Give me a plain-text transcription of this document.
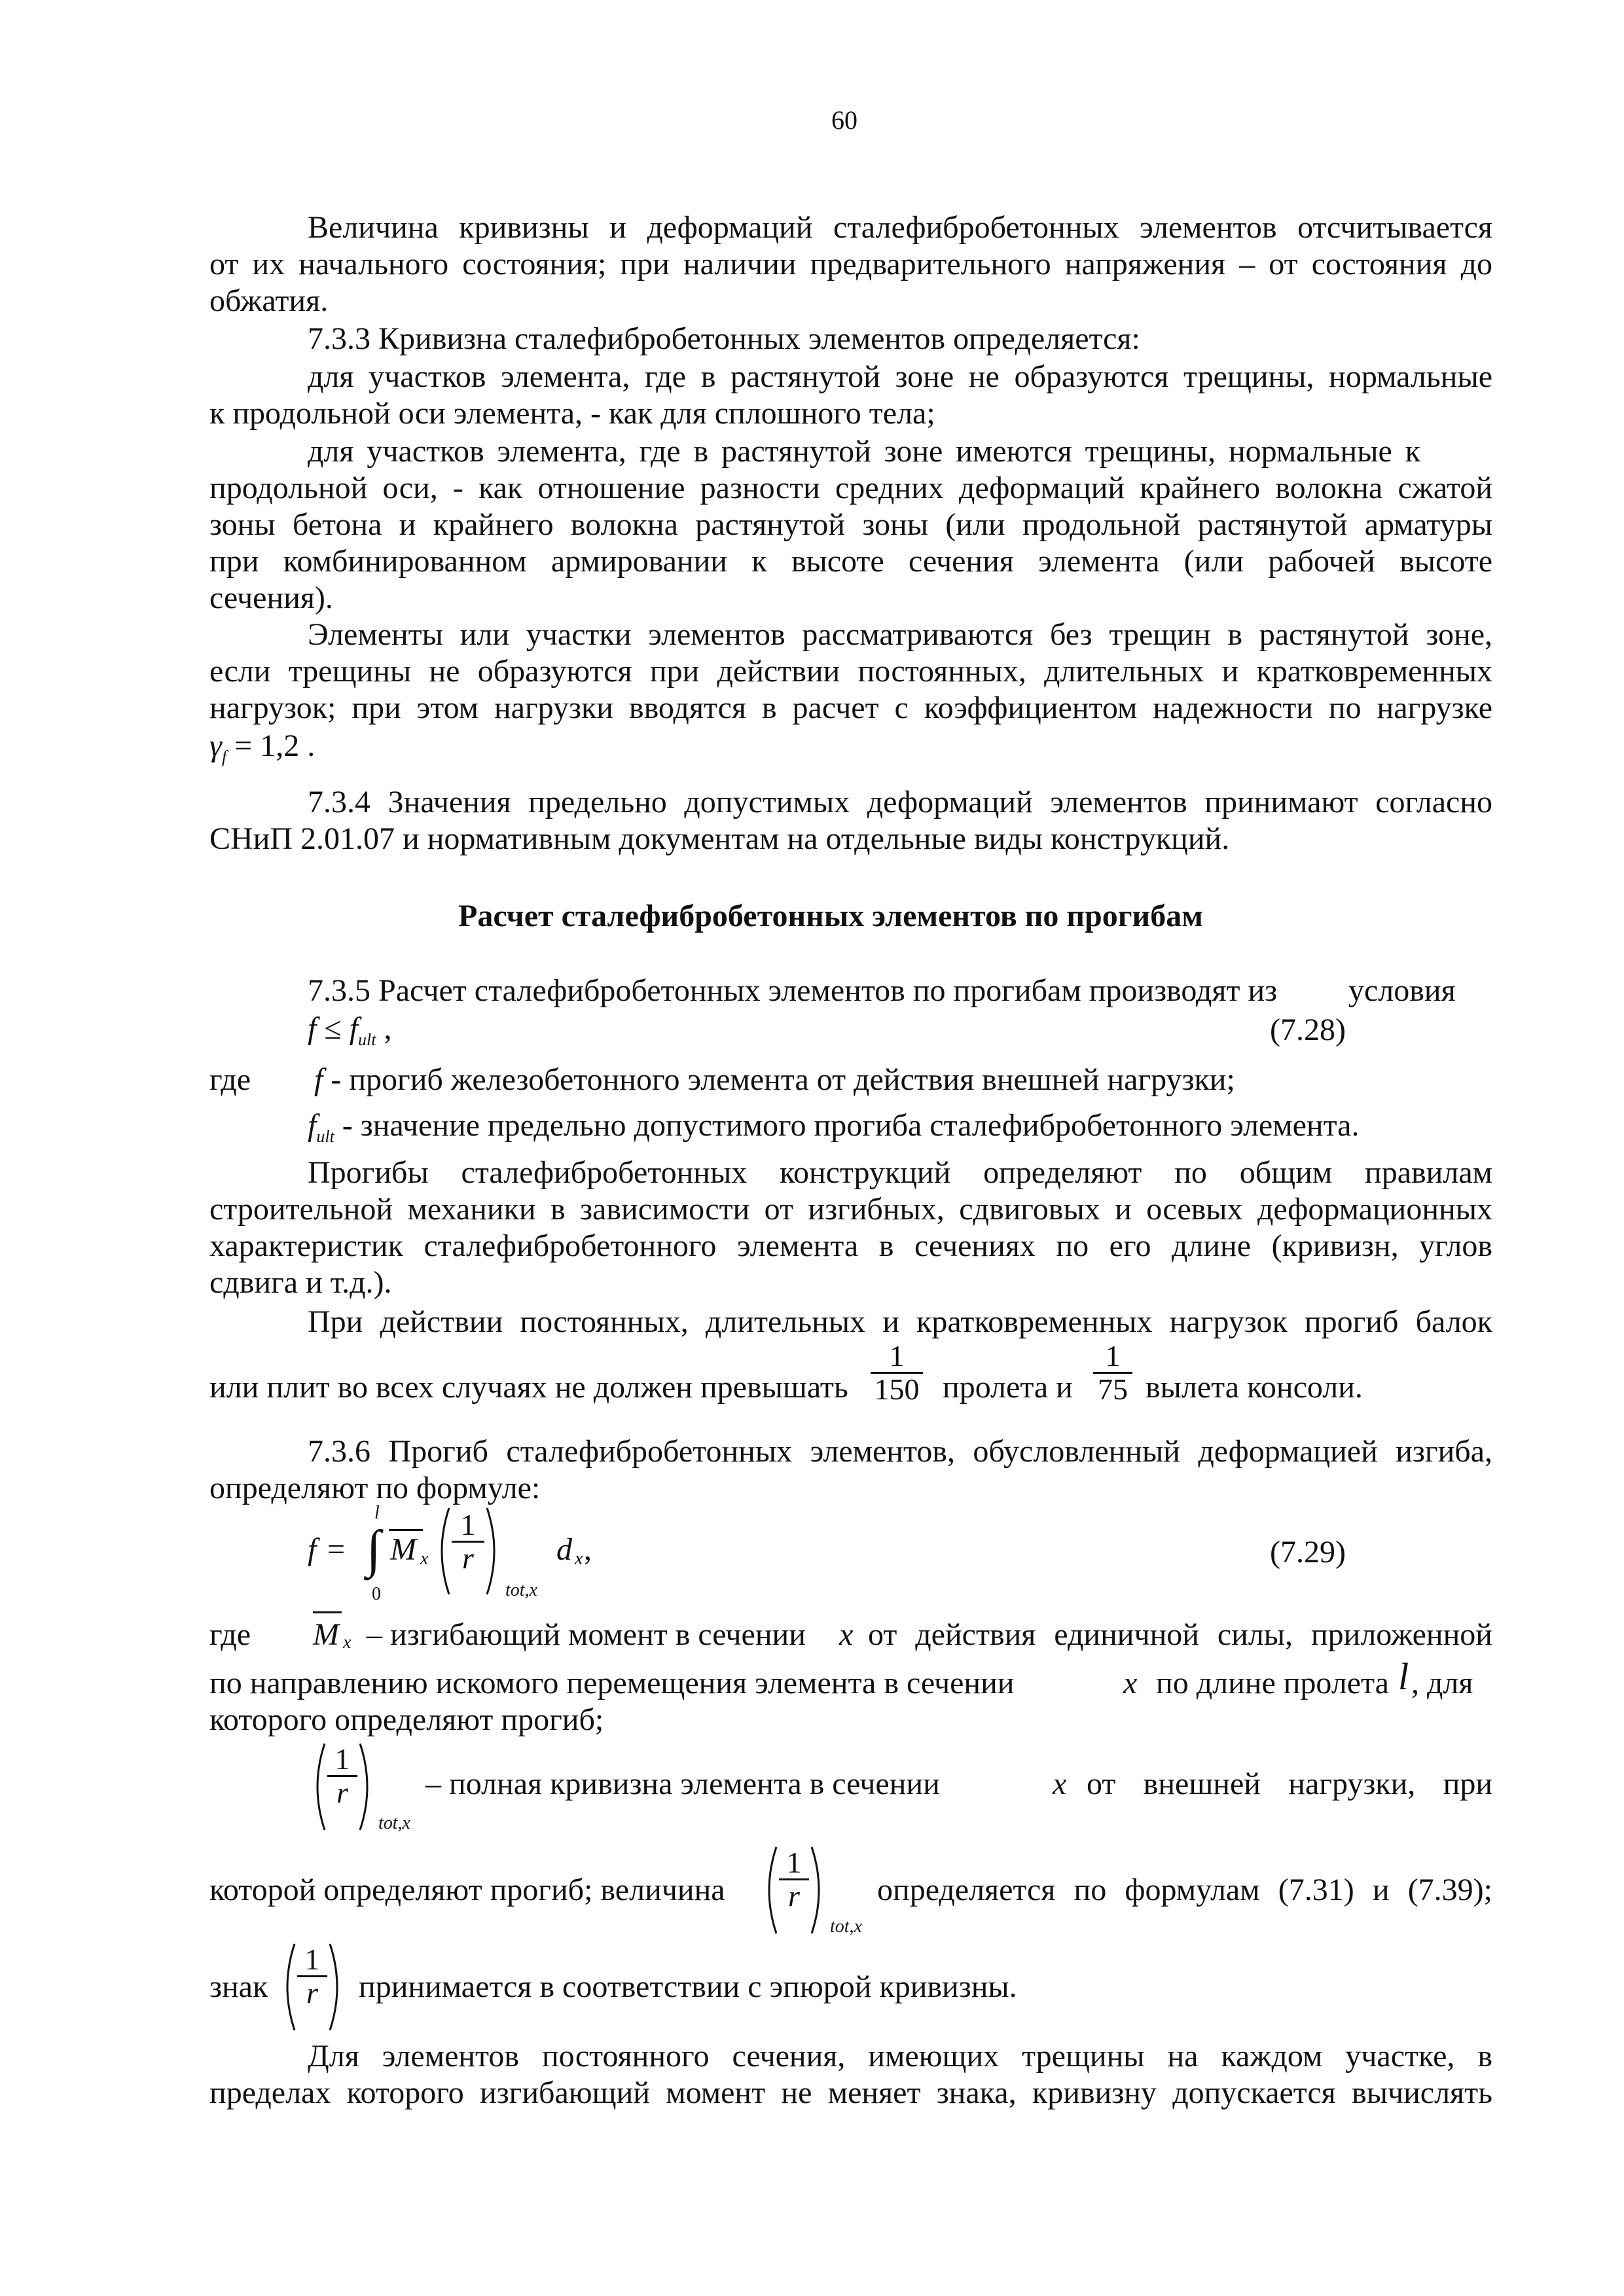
60
Величина кривизны и деформаций сталефибробетонных элементов отсчитывается
от их начального состояния; при наличии предварительного напряжения – от состояния до
обжатия.
7.3.3 Кривизна сталефибробетонных элементов определяется:
для участков элемента, где в растянутой зоне не образуются трещины, нормальные
к продольной оси элемента, - как для сплошного тела;
для участков элемента, где в растянутой зоне имеются трещины, нормальные к
продольной оси, - как отношение разности средних деформаций крайнего волокна сжатой
зоны бетона и крайнего волокна растянутой зоны (или продольной растянутой арматуры
при комбинированном армировании к высоте сечения элемента (или рабочей высоте
сечения).
Элементы или участки элементов рассматриваются без трещин в растянутой зоне,
если трещины не образуются при действии постоянных, длительных и кратковременных
нагрузок; при этом нагрузки вводятся в расчет с коэффициентом надежности по нагрузке
$\gamma_f = 1,2$ .
7.3.4 Значения предельно допустимых деформаций элементов принимают согласно
СНиП 2.01.07 и нормативным документам на отдельные виды конструкций.
Расчет сталефибробетонных элементов по прогибам
7.3.5 Расчет сталефибробетонных элементов по прогибам производят из условия
$f \le f_{ult}$ ,	(7.28)
где f - прогиб железобетонного элемента от действия внешней нагрузки;
$f_{ult}$ - значение предельно допустимого прогиба сталефибробетонного элемента.
Прогибы сталефибробетонных конструкций определяют по общим правилам
строительной механики в зависимости от изгибных, сдвиговых и осевых деформационных
характеристик сталефибробетонного элемента в сечениях по его длине (кривизн, углов
сдвига и т.д.).
При действии постоянных, длительных и кратковременных нагрузок прогиб балок
или плит во всех случаях не должен превышать
1
150 пролета и
1
75 вылета консоли.
7.3.6 Прогиб сталефибробетонных элементов, обусловленный деформацией изгиба,
определяют по формуле:
f = ∫
l
0
M x
1
r
tot,x
d x ,	(7.29)
где M x – изгибающий момент в сечении x от действия единичной силы, приложенной
по направлению искомого перемещения элемента в сечении	x по длине пролета l , для
которого определяют прогиб;
1
r
tot,x
– полная кривизна элемента в сечении	x от внешней нагрузки, при
которой определяют прогиб; величина
1
r
tot,x
определяется по формулам (7.31) и (7.39);
знак
1
r принимается в соответствии с эпюрой кривизны.
Для элементов постоянного сечения, имеющих трещины на каждом участке, в
пределах которого изгибающий момент не меняет знака, кривизну допускается вычислять
